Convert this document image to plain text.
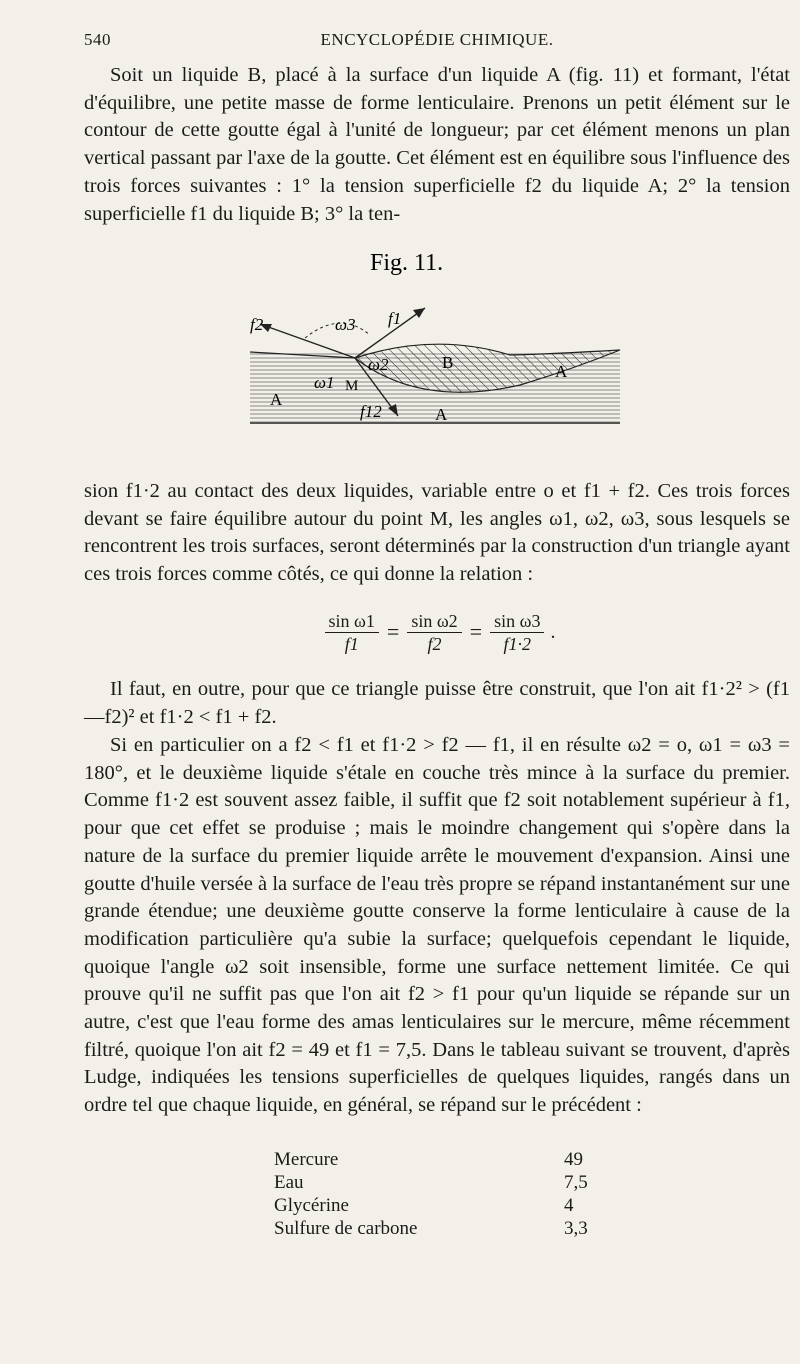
540	ENCYCLOPÉDIE CHIMIQUE.

Soit un liquide B, placé à la surface d'un liquide A (fig. 11) et formant, l'état d'équilibre, une petite masse de forme lenticulaire. Prenons un petit élément sur le contour de cette goutte égal à l'unité de longueur; par cet élément menons un plan vertical passant par l'axe de la goutte. Cet élément est en équilibre sous l'influence des trois forces suivantes : 1° la tension superficielle f2 du liquide A; 2° la tension superficielle f1 du liquide B; 3° la ten-

Fig. 11.
f2	f1
ω3
ω1
ω2
M
f12
A
A
A
B

sion f1·2 au contact des deux liquides, variable entre o et f1 + f2. Ces trois forces devant se faire équilibre autour du point M, les angles ω1, ω2, ω3, sous lesquels se rencontrent les trois surfaces, seront déterminés par la construction d'un triangle ayant ces trois forces comme côtés, ce qui donne la relation :

$\frac{\text{sin ω1}}{f1} = \frac{\text{sin ω2}}{f2} = \frac{\text{sin ω3}}{f1\cdot 2}$ .

Il faut, en outre, pour que ce triangle puisse être construit, que l'on ait f1·2² > (f1—f2)² et f1·2 < f1 + f2.

Si en particulier on a f2 < f1 et f1·2 > f2 — f1, il en résulte ω2 = o, ω1 = ω3 = 180°, et le deuxième liquide s'étale en couche très mince à la surface du premier. Comme f1·2 est souvent assez faible, il suffit que f2 soit notablement supérieur à f1, pour que cet effet se produise ; mais le moindre changement qui s'opère dans la nature de la surface du premier liquide arrête le mouvement d'expansion. Ainsi une goutte d'huile versée à la surface de l'eau très propre se répand instantanément sur une grande étendue; une deuxième goutte conserve la forme lenticulaire à cause de la modification particulière qu'a subie la surface; quelquefois cependant le liquide, quoique l'angle ω2 soit insensible, forme une surface nettement limitée. Ce qui prouve qu'il ne suffit pas que l'on ait f2 > f1 pour qu'un liquide se répande sur un autre, c'est que l'eau forme des amas lenticulaires sur le mercure, même récemment filtré, quoique l'on ait f2 = 49 et f1 = 7,5. Dans le tableau suivant se trouvent, d'après Ludge, indiquées les tensions superficielles de quelques liquides, rangés dans un ordre tel que chaque liquide, en général, se répand sur le précédent :

Mercure	49
Eau	7,5
Glycérine	4
Sulfure de carbone	3,3
